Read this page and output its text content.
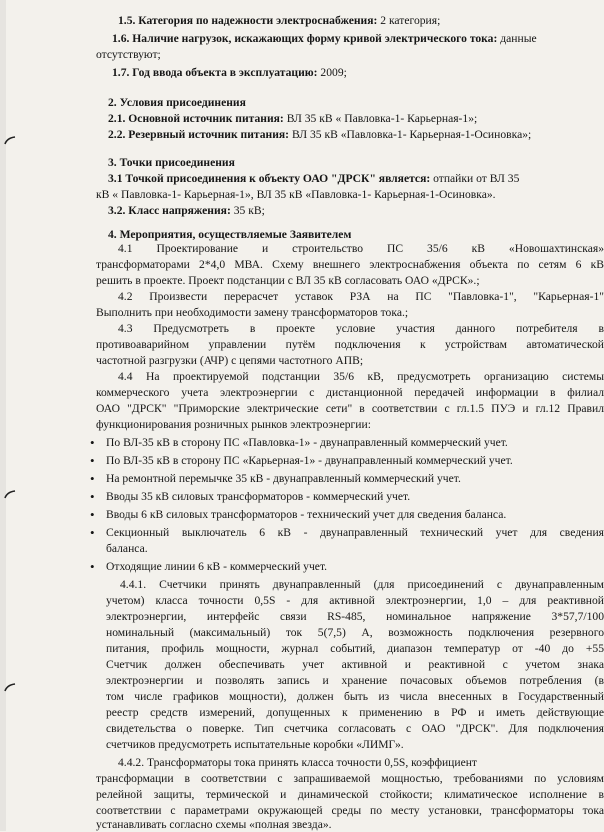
1.5. Категория по надежности электроснабжения: 2 категория;
1.6. Наличие нагрузок, искажающих форму кривой электрического тока: данные
отсутствуют;
1.7. Год ввода объекта в эксплуатацию: 2009;
2. Условия присоединения
2.1. Основной источник питания: ВЛ 35 кВ « Павловка-1- Карьерная-1»;
2.2. Резервный источник питания: ВЛ 35 кВ «Павловка-1- Карьерная-1-Осиновка»;
3. Точки присоединения
3.1 Точкой присоединения к объекту ОАО "ДРСК" является: отпайки от ВЛ 35
кВ « Павловка-1- Карьерная-1», ВЛ 35 кВ «Павловка-1- Карьерная-1-Осиновка».
3.2. Класс напряжения: 35 кВ;
4. Мероприятия, осуществляемые Заявителем
4.1 Проектирование и строительство ПС 35/6 кВ «Новошахтинская»
трансформаторами 2*4,0 МВА. Схему внешнего электроснабжения объекта по сетям 6 кВ
решить в проекте. Проект подстанции с ВЛ 35 кВ согласовать ОАО «ДРСК».;
4.2 Произвести перерасчет уставок РЗА на ПС "Павловка-1", "Карьерная-1"
Выполнить при необходимости замену трансформаторов тока.;
4.3 Предусмотреть в проекте условие участия данного потребителя в
противоаварийном управлении путём подключения к устройствам автоматической
частотной разгрузки (АЧР) с цепями частотного АПВ;
4.4 На проектируемой подстанции 35/6 кВ, предусмотреть организацию системы
коммерческого учета электроэнергии с дистанционной передачей информации в филиал
ОАО "ДРСК" "Приморские электрические сети" в соответствии с гл.1.5 ПУЭ и гл.12 Правил
функционирования розничных рынков электроэнергии:
• По ВЛ-35 кВ в сторону ПС «Павловка-1» - двунаправленный коммерческий учет.
• По ВЛ-35 кВ в сторону ПС «Карьерная-1» - двунаправленный коммерческий учет.
• На ремонтной перемычке 35 кВ - двунаправленный коммерческий учет.
• Вводы 35 кВ силовых трансформаторов - коммерческий учет.
• Вводы 6 кВ силовых трансформаторов - технический учет для сведения баланса.
• Секционный выключатель 6 кВ - двунаправленный технический учет для сведения
баланса.
• Отходящие линии 6 кВ - коммерческий учет.
4.4.1. Счетчики принять двунаправленный (для присоединений с двунаправленным
учетом) класса точности 0,5S - для активной электроэнергии, 1,0 – для реактивной
электроэнергии, интерфейс связи RS-485, номинальное напряжение 3*57,7/100
номинальный (максимальный) ток 5(7,5) А, возможность подключения резервного
питания, профиль мощности, журнал событий, диапазон температур от -40 до +55
Счетчик должен обеспечивать учет активной и реактивной с учетом знака
электроэнергии и позволять запись и хранение почасовых объемов потребления (в
том числе графиков мощности), должен быть из числа внесенных в Государственный
реестр средств измерений, допущенных к применению в РФ и иметь действующие
свидетельства о поверке. Тип счетчика согласовать с ОАО "ДРСК". Для подключения
счетчиков предусмотреть испытательные коробки «ЛИМГ».
4.4.2. Трансформаторы тока принять класса точности 0,5S, коэффициент
трансформации в соответствии с запрашиваемой мощностью, требованиями по условиям
релейной защиты, термической и динамической стойкости; климатическое исполнение в
соответствии с параметрами окружающей среды по месту установки, трансформаторы тока
устанавливать согласно схемы «полная звезда».
